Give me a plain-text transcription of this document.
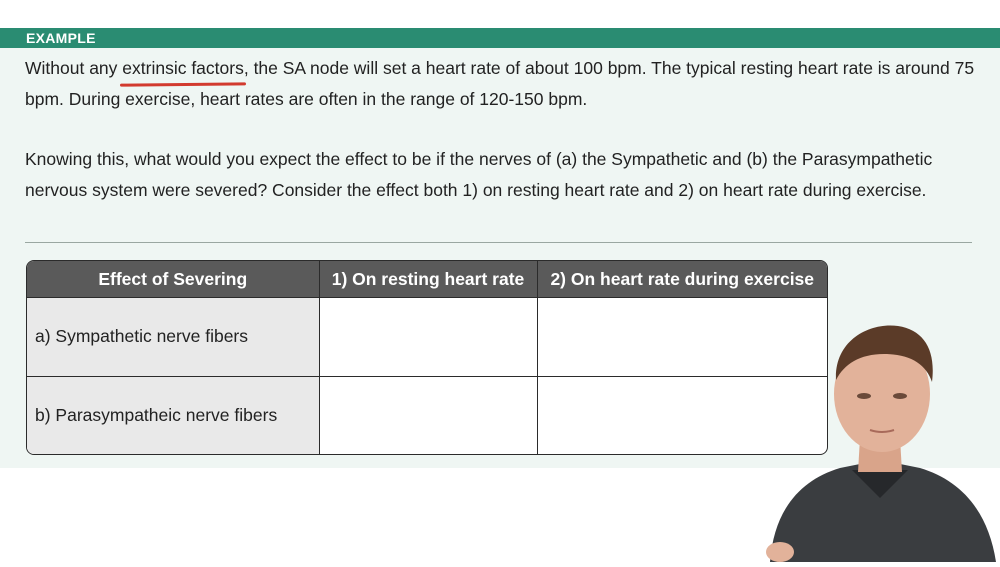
EXAMPLE
Without any extrinsic factors, the SA node will set a heart rate of about 100 bpm. The typical resting heart rate is around 75 bpm. During exercise, heart rates are often in the range of 120-150 bpm.
Knowing this, what would you expect the effect to be if the nerves of (a) the Sympathetic and (b) the Parasympathetic nervous system were severed? Consider the effect both 1) on resting heart rate and 2) on heart rate during exercise.
Effect of Severing	1) On resting heart rate	2) On heart rate during exercise
a) Sympathetic nerve fibers		
b) Parasympatheic nerve fibers		
